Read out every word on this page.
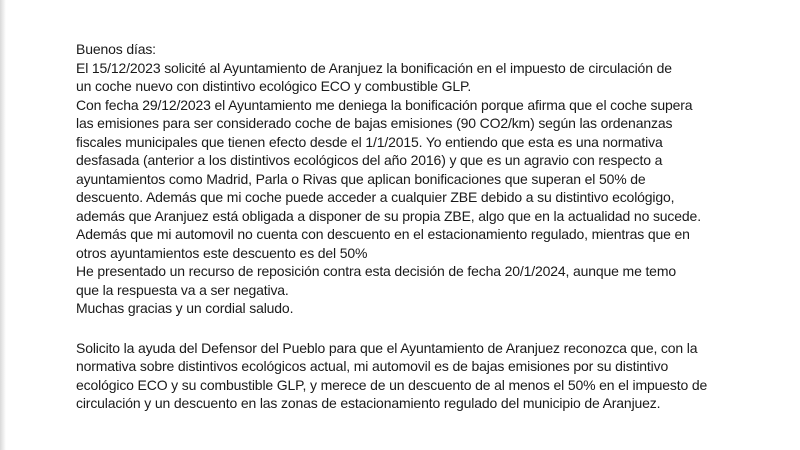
Buenos días:
El 15/12/2023 solicité al Ayuntamiento de Aranjuez la bonificación en el impuesto de circulación de
un coche nuevo con distintivo ecológico ECO y combustible GLP.
Con fecha 29/12/2023 el Ayuntamiento me deniega la bonificación porque afirma que el coche supera
las emisiones para ser considerado coche de bajas emisiones (90 CO2/km) según las ordenanzas
fiscales municipales que tienen efecto desde el 1/1/2015. Yo entiendo que esta es una normativa
desfasada (anterior a los distintivos ecológicos del año 2016) y que es un agravio con respecto a
ayuntamientos como Madrid, Parla o Rivas que aplican bonificaciones que superan el 50% de
descuento. Además que mi coche puede acceder a cualquier ZBE debido a su distintivo ecológigo,
además que Aranjuez está obligada a disponer de su propia ZBE, algo que en la actualidad no sucede.
Además que mi automovil no cuenta con descuento en el estacionamiento regulado, mientras que en
otros ayuntamientos este descuento es del 50%
He presentado un recurso de reposición contra esta decisión de fecha 20/1/2024, aunque me temo
que la respuesta va a ser negativa.
Muchas gracias y un cordial saludo.
Solicito la ayuda del Defensor del Pueblo para que el Ayuntamiento de Aranjuez reconozca que, con la
normativa sobre distintivos ecológicos actual, mi automovil es de bajas emisiones por su distintivo
ecológico ECO y su combustible GLP, y merece de un descuento de al menos el 50% en el impuesto de
circulación y un descuento en las zonas de estacionamiento regulado del municipio de Aranjuez.
